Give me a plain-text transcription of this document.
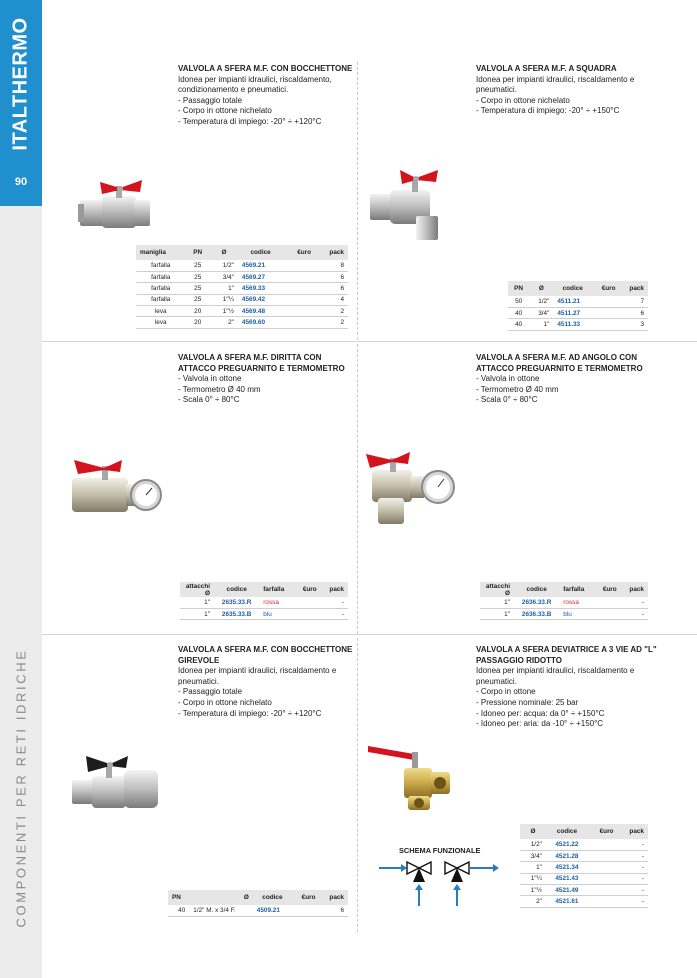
ITALTHERMO
90
COMPONENTI PER RETI IDRICHE
VALVOLA A SFERA M.F. CON BOCCHETTONE
Idonea per impianti idraulici, riscaldamento,
condizionamento e pneumatici.
- Passaggio totale
- Corpo in ottone nichelato
- Temperatura di impiego: -20° ÷ +120°C
maniglia	PN	Ø	codice	€uro	pack
farfalla	25	1/2"	4569.21		8
farfalla	25	3/4"	4569.27		6
farfalla	25	1"	4569.33		6
farfalla	25	1"¼	4569.42		4
leva	20	1"½	4569.48		2
leva	20	2"	4569.60		2
VALVOLA A SFERA M.F. A SQUADRA
Idonea per impianti idraulici, riscaldamento e
pneumatici.
- Corpo in ottone nichelato
- Temperatura di impiego: -20° ÷ +150°C
PN	Ø	codice	€uro	pack
50	1/2"	4511.21		7
40	3/4"	4511.27		6
40	1"	4511.33		3
VALVOLA A SFERA M.F. DIRITTA CON
ATTACCO PREGUARNITO E TERMOMETRO
- Valvola in ottone
- Termometro Ø 40 mm
- Scala 0° ÷ 80°C
attacchi Ø	codice	farfalla	€uro	pack
1"	2635.33.R	rossa		-
1"	2635.33.B	blu		-
VALVOLA A SFERA M.F. AD ANGOLO CON
ATTACCO PREGUARNITO E TERMOMETRO
- Valvola in ottone
- Termometro Ø 40 mm
- Scala 0° ÷ 80°C
attacchi Ø	codice	farfalla	€uro	pack
1"	2636.33.R	rossa		-
1"	2636.33.B	blu		-
VALVOLA A SFERA M.F. CON BOCCHETTONE
GIREVOLE
Idonea per impianti idraulici, riscaldamento e
pneumatici.
- Passaggio totale
- Corpo in ottone nichelato
- Temperatura di impiego: -20° ÷ +120°C
PN	Ø	codice	€uro	pack
40	1/2" M. x 3/4 F.	4509.21		6
VALVOLA A SFERA DEVIATRICE A 3 VIE AD "L"
PASSAGGIO RIDOTTO
Idonea per impianti idraulici, riscaldamento e
pneumatici.
- Corpo in ottone
- Pressione nominale: 25 bar
- Idoneo per: acqua: da 0° ÷ +150°C
- Idoneo per: aria: da -10° ÷ +150°C
SCHEMA FUNZIONALE
Ø	codice	€uro	pack
1/2"	4521.22		-
3/4"	4521.28		-
1"	4521.34		-
1"¼	4521.43		-
1"½	4521.49		-
2"	4521.61		-
